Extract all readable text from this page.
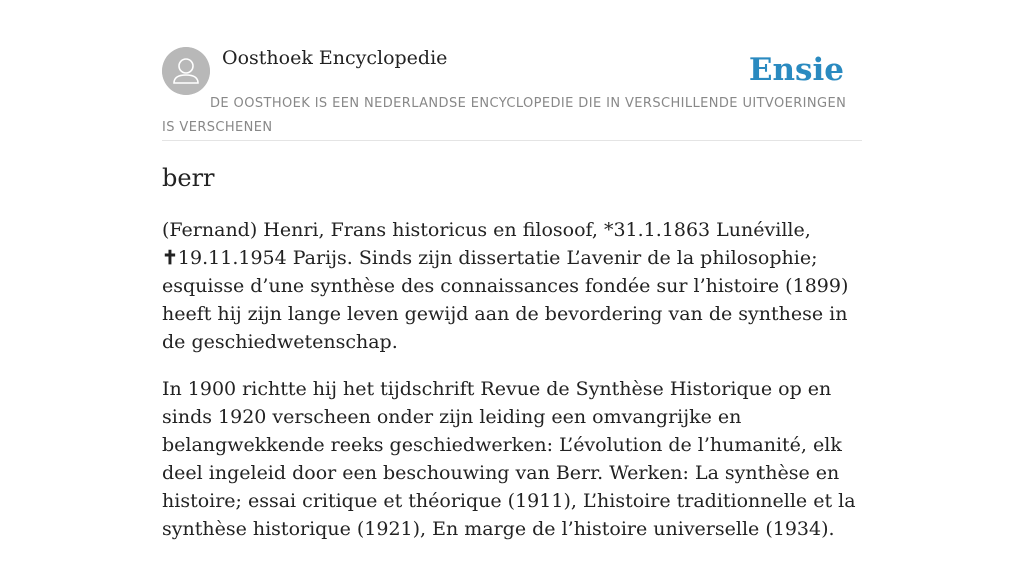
Oosthoek Encyclopedie	Ensie
DE OOSTHOEK IS EEN NEDERLANDSE ENCYCLOPEDIE DIE IN VERSCHILLENDE UITVOERINGEN IS VERSCHENEN
berr

(Fernand) Henri, Frans historicus en filosoof, *31.1.1863 Lunéville, ✝19.11.1954 Parijs. Sinds zijn dissertatie L’avenir de la philosophie; esquisse d’une synthèse des connaissances fondée sur l’histoire (1899) heeft hij zijn lange leven gewijd aan de bevordering van de synthese in de geschiedwetenschap.

In 1900 richtte hij het tijdschrift Revue de Synthèse Historique op en sinds 1920 verscheen onder zijn leiding een omvangrijke en belangwekkende reeks geschiedwerken: L’évolution de l’humanité, elk deel ingeleid door een beschouwing van Berr. Werken: La synthèse en histoire; essai critique et théorique (1911), L’histoire traditionnelle et la synthèse historique (1921), En marge de l’histoire universelle (1934).
